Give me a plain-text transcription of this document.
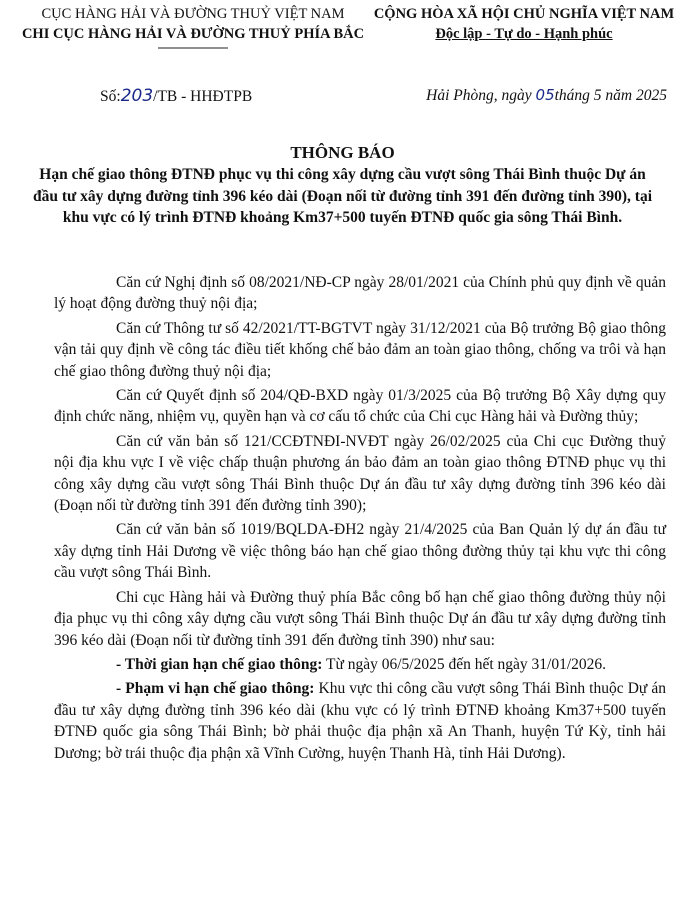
CỤC HÀNG HẢI VÀ ĐƯỜNG THUỶ VIỆT NAM
CHI CỤC HÀNG HẢI VÀ ĐƯỜNG THUỶ PHÍA BẮC
CỘNG HÒA XÃ HỘI CHỦ NGHĨA VIỆT NAM
Độc lập - Tự do - Hạnh phúc
Số:203/TB - HHĐTPB	Hải Phòng, ngày 05tháng 5 năm 2025
THÔNG BÁO
Hạn chế giao thông ĐTNĐ phục vụ thi công xây dựng cầu vượt sông Thái Bình thuộc Dự án đầu tư xây dựng đường tỉnh 396 kéo dài (Đoạn nối từ đường tỉnh 391 đến đường tỉnh 390), tại khu vực có lý trình ĐTNĐ khoảng Km37+500 tuyến ĐTNĐ quốc gia sông Thái Bình.

Căn cứ Nghị định số 08/2021/NĐ-CP ngày 28/01/2021 của Chính phủ quy định về quản lý hoạt động đường thuỷ nội địa;

Căn cứ Thông tư số 42/2021/TT-BGTVT ngày 31/12/2021 của Bộ trưởng Bộ giao thông vận tải quy định về công tác điều tiết khống chế bảo đảm an toàn giao thông, chống va trôi và hạn chế giao thông đường thuỷ nội địa;

Căn cứ Quyết định số 204/QĐ-BXD ngày 01/3/2025 của Bộ trưởng Bộ Xây dựng quy định chức năng, nhiệm vụ, quyền hạn và cơ cấu tổ chức của Chi cục Hàng hải và Đường thủy;

Căn cứ văn bản số 121/CCĐTNĐI-NVĐT ngày 26/02/2025 của Chi cục Đường thuỷ nội địa khu vực I về việc chấp thuận phương án bảo đảm an toàn giao thông ĐTNĐ phục vụ thi công xây dựng cầu vượt sông Thái Bình thuộc Dự án đầu tư xây dựng đường tỉnh 396 kéo dài (Đoạn nối từ đường tỉnh 391 đến đường tỉnh 390);

Căn cứ văn bản số 1019/BQLDA-ĐH2 ngày 21/4/2025 của Ban Quản lý dự án đầu tư xây dựng tỉnh Hải Dương về việc thông báo hạn chế giao thông đường thủy tại khu vực thi công cầu vượt sông Thái Bình.

Chi cục Hàng hải và Đường thuỷ phía Bắc công bố hạn chế giao thông đường thủy nội địa phục vụ thi công xây dựng cầu vượt sông Thái Bình thuộc Dự án đầu tư xây dựng đường tỉnh 396 kéo dài (Đoạn nối từ đường tỉnh 391 đến đường tỉnh 390) như sau:

- Thời gian hạn chế giao thông: Từ ngày 06/5/2025 đến hết ngày 31/01/2026.

- Phạm vi hạn chế giao thông: Khu vực thi công cầu vượt sông Thái Bình thuộc Dự án đầu tư xây dựng đường tỉnh 396 kéo dài (khu vực có lý trình ĐTNĐ khoảng Km37+500 tuyến ĐTNĐ quốc gia sông Thái Bình; bờ phải thuộc địa phận xã An Thanh, huyện Tứ Kỳ, tỉnh hải Dương; bờ trái thuộc địa phận xã Vĩnh Cường, huyện Thanh Hà, tỉnh Hải Dương).
